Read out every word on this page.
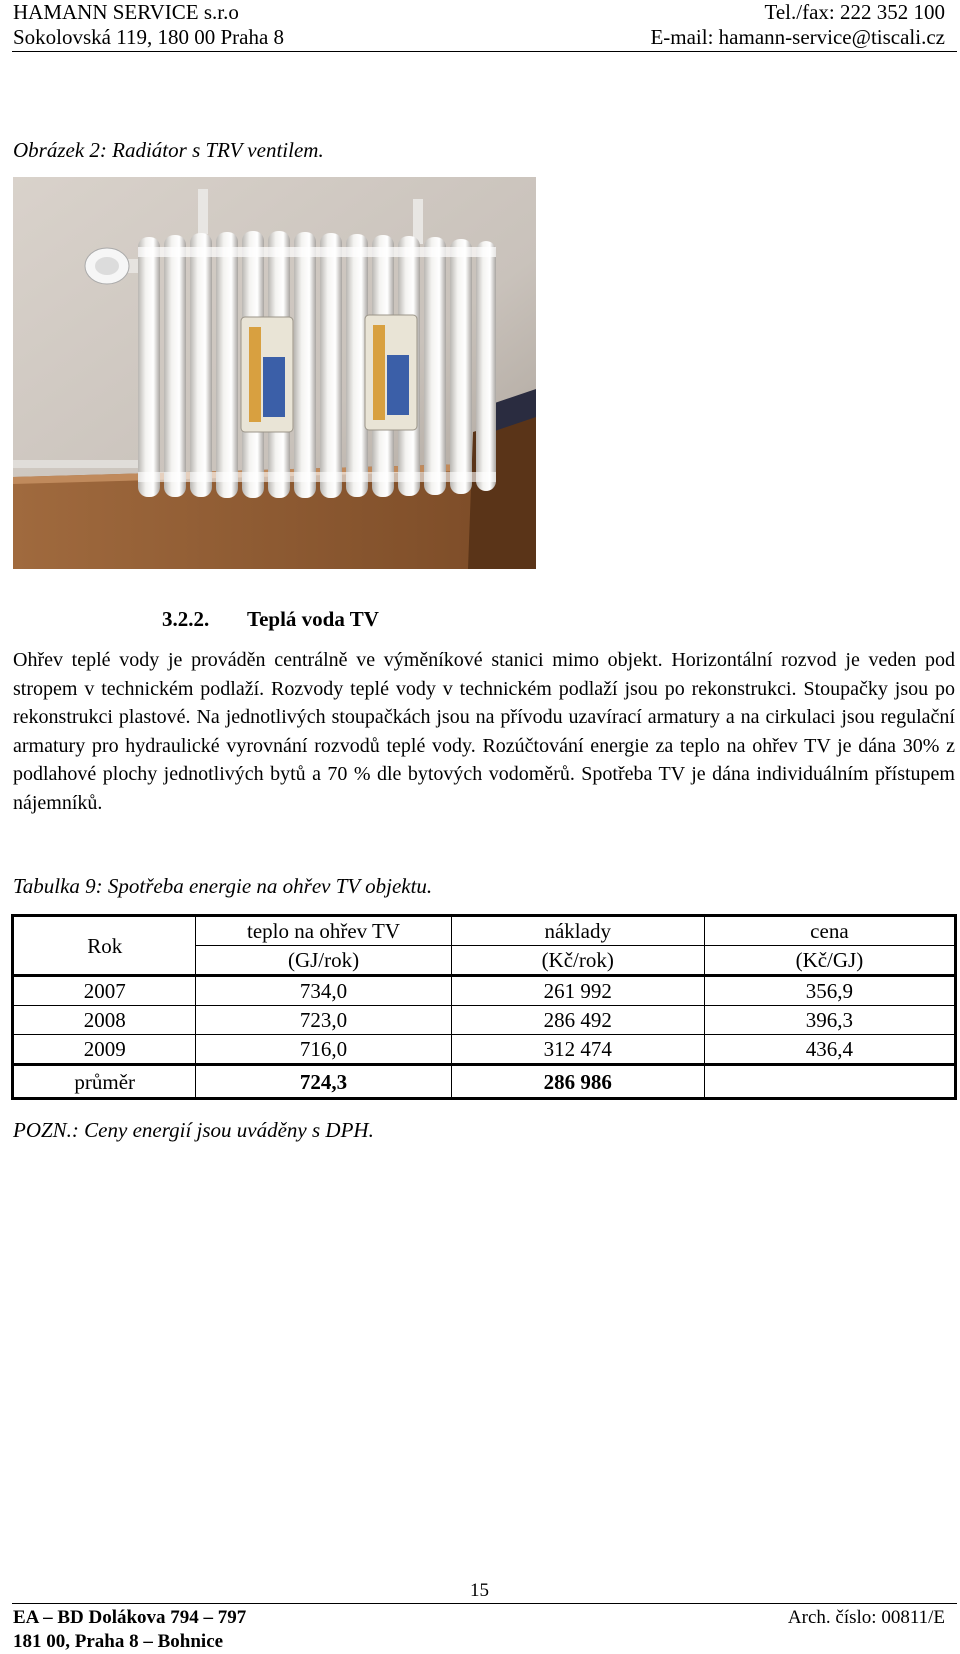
HAMANN SERVICE s.r.o
Sokolovská 119, 180 00 Praha 8
Tel./fax: 222 352 100
E-mail: hamann-service@tiscali.cz
Obrázek 2: Radiátor s TRV ventilem.
3.2.2. Teplá voda TV
Ohřev teplé vody je prováděn centrálně ve výměníkové stanici mimo objekt. Horizontální rozvod je veden pod stropem v technickém podlaží. Rozvody teplé vody v technickém podlaží jsou po rekonstrukci. Stoupačky jsou po rekonstrukci plastové. Na jednotlivých stoupačkách jsou na přívodu uzavírací armatury a na cirkulaci jsou regulační armatury pro hydraulické vyrovnání rozvodů teplé vody. Rozúčtování energie za teplo na ohřev TV je dána 30% z podlahové plochy jednotlivých bytů a 70 % dle bytových vodoměrů. Spotřeba TV je dána individuálním přístupem nájemníků.
Tabulka 9: Spotřeba energie na ohřev TV objektu.
Rok	teplo na ohřev TV	náklady	cena
	(GJ/rok)	(Kč/rok)	(Kč/GJ)
2007	734,0	261 992	356,9
2008	723,0	286 492	396,3
2009	716,0	312 474	436,4
průměr	724,3	286 986	
POZN.: Ceny energií jsou uváděny s DPH.
15
EA – BD Dolákova 794 – 797
181 00, Praha 8 – Bohnice
Arch. číslo: 00811/E
